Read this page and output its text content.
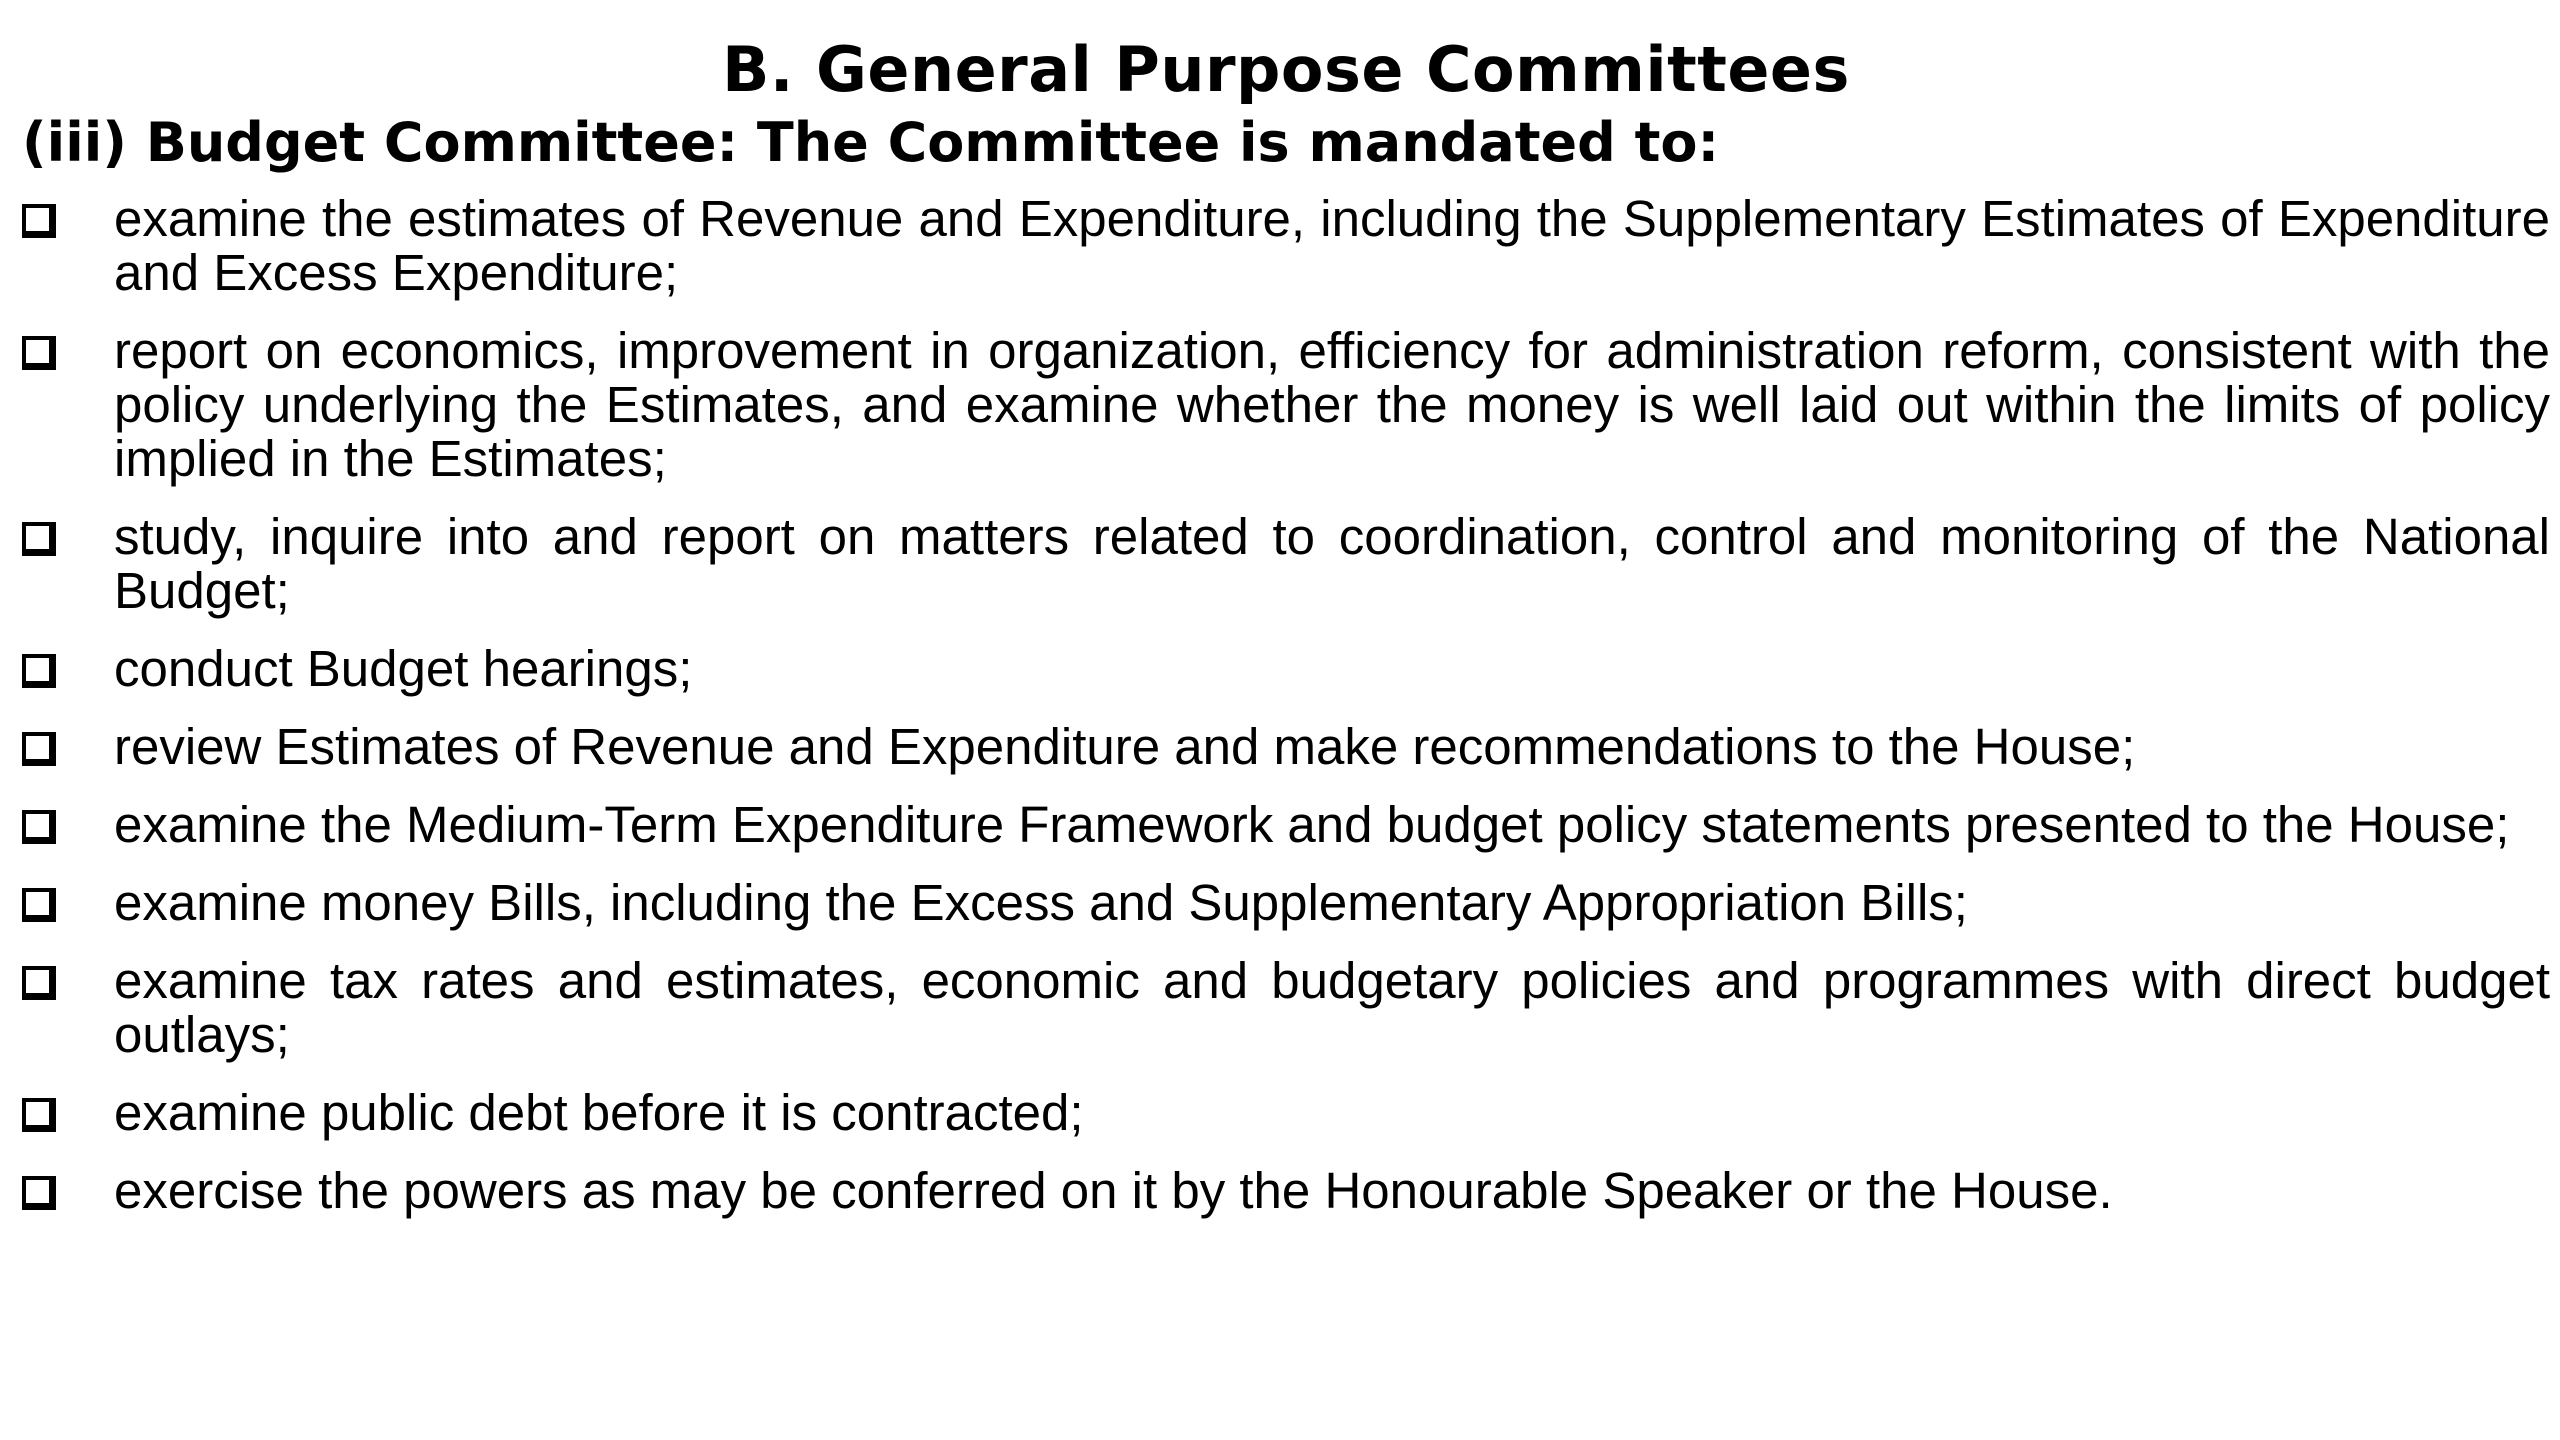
B. General Purpose Committees
(iii) Budget Committee: The Committee is mandated to:
examine the estimates of Revenue and Expenditure, including the Supplementary Estimates of Expenditure and Excess Expenditure;
report on economics, improvement in organization, efficiency for administration reform, consistent with the policy underlying the Estimates, and examine whether the money is well laid out within the limits of policy implied in the Estimates;
study, inquire into and report on matters related to coordination, control and monitoring of the National Budget;
conduct Budget hearings;
review Estimates of Revenue and Expenditure and make recommendations to the House;
examine the Medium-Term Expenditure Framework and budget policy statements presented to the House;
examine money Bills, including the Excess and Supplementary Appropriation Bills;
examine tax rates and estimates, economic and budgetary policies and programmes with direct budget outlays;
examine public debt before it is contracted;
exercise the powers as may be conferred on it by the Honourable Speaker or the House.
